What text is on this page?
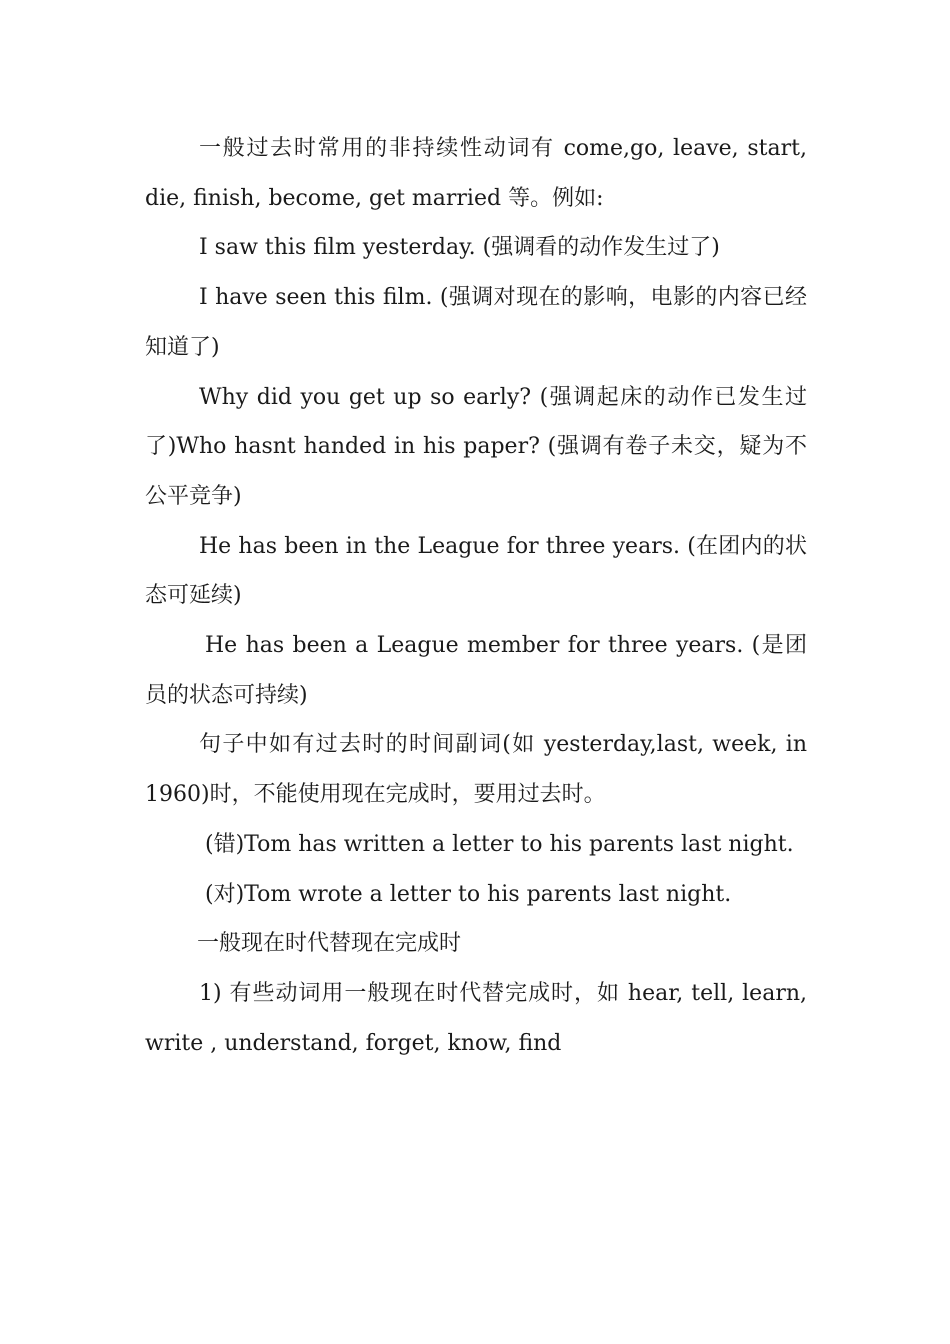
一般过去时常用的非持续性动词有 come,go, leave, start, die, finish, become, get married 等。例如:

I saw this film yesterday. (强调看的动作发生过了)

I have seen this film. (强调对现在的影响，电影的内容已经知道了)

Why did you get up so early? (强调起床的动作已发生过了)Who hasnt handed in his paper? (强调有卷子未交，疑为不公平竞争)

He has been in the League for three years. (在团内的状态可延续)

He has been a League member for three years. (是团员的状态可持续)

句子中如有过去时的时间副词(如 yesterday,last, week, in 1960)时，不能使用现在完成时，要用过去时。

(错)Tom has written a letter to his parents last night.

(对)Tom wrote a letter to his parents last night.

一般现在时代替现在完成时

1) 有些动词用一般现在时代替完成时，如 hear, tell, learn, write , understand, forget, know, find
